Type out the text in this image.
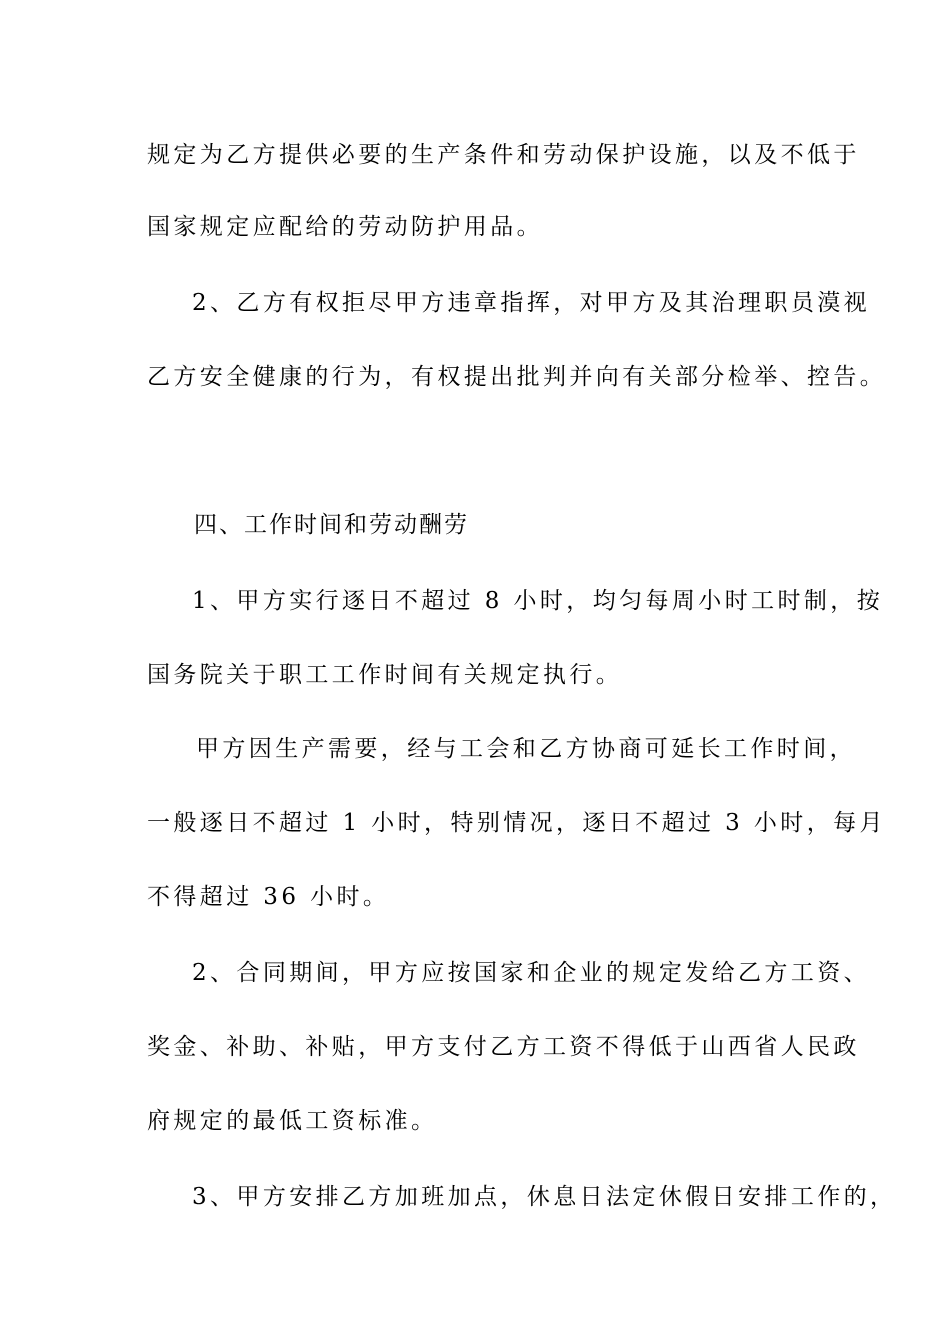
规定为乙方提供必要的生产条件和劳动保护设施，以及不低于
国家规定应配给的劳动防护用品。
2、乙方有权拒尽甲方违章指挥，对甲方及其治理职员漠视
乙方安全健康的行为，有权提出批判并向有关部分检举、控告。
四、工作时间和劳动酬劳
1、甲方实行逐日不超过 8 小时，均匀每周小时工时制，按
国务院关于职工工作时间有关规定执行。
甲方因生产需要，经与工会和乙方协商可延长工作时间，
一般逐日不超过 1 小时，特别情况，逐日不超过 3 小时，每月
不得超过 36 小时。
2、合同期间，甲方应按国家和企业的规定发给乙方工资、
奖金、补助、补贴，甲方支付乙方工资不得低于山西省人民政
府规定的最低工资标准。
3、甲方安排乙方加班加点，休息日法定休假日安排工作的，
